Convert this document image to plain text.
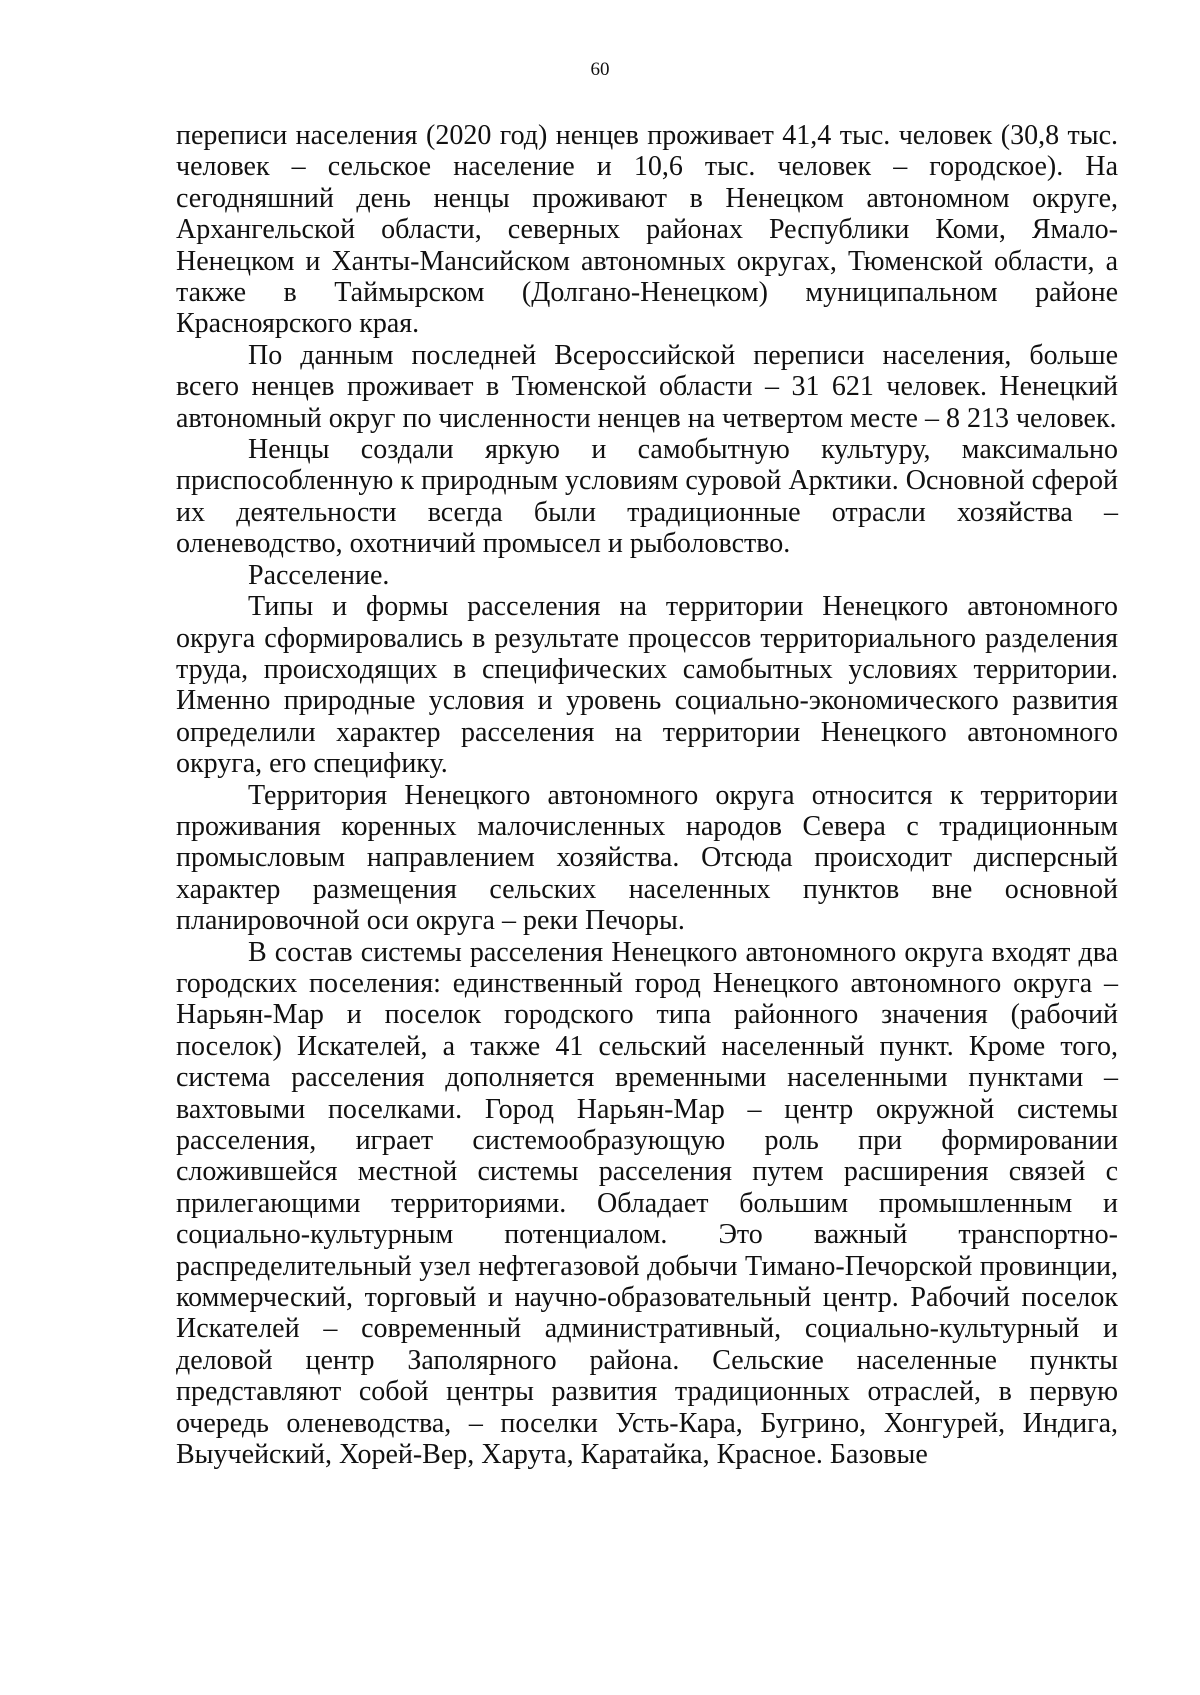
60

переписи населения (2020 год) ненцев проживает 41,4 тыс. человек (30,8 тыс. человек – сельское население и 10,6 тыс. человек – городское). На сегодняшний день ненцы проживают в Ненецком автономном округе, Архангельской области, северных районах Республики Коми, Ямало-Ненецком и Ханты-Мансийском автономных округах, Тюменской области, а также в Таймырском (Долгано-Ненецком) муниципальном районе Красноярского края.

По данным последней Всероссийской переписи населения, больше всего ненцев проживает в Тюменской области – 31 621 человек. Ненецкий автономный округ по численности ненцев на четвертом месте – 8 213 человек.

Ненцы создали яркую и самобытную культуру, максимально приспособленную к природным условиям суровой Арктики. Основной сферой их деятельности всегда были традиционные отрасли хозяйства – оленеводство, охотничий промысел и рыболовство.

Расселение.

Типы и формы расселения на территории Ненецкого автономного округа сформировались в результате процессов территориального разделения труда, происходящих в специфических самобытных условиях территории. Именно природные условия и уровень социально-экономического развития определили характер расселения на территории Ненецкого автономного округа, его специфику.

Территория Ненецкого автономного округа относится к территории проживания коренных малочисленных народов Севера с традиционным промысловым направлением хозяйства. Отсюда происходит дисперсный характер размещения сельских населенных пунктов вне основной планировочной оси округа – реки Печоры.

В состав системы расселения Ненецкого автономного округа входят два городских поселения: единственный город Ненецкого автономного округа – Нарьян-Мар и поселок городского типа районного значения (рабочий поселок) Искателей, а также 41 сельский населенный пункт. Кроме того, система расселения дополняется временными населенными пунктами – вахтовыми поселками. Город Нарьян-Мар – центр окружной системы расселения, играет системообразующую роль при формировании сложившейся местной системы расселения путем расширения связей с прилегающими территориями. Обладает большим промышленным и социально-культурным потенциалом. Это важный транспортно-распределительный узел нефтегазовой добычи Тимано-Печорской провинции, коммерческий, торговый и научно-образовательный центр. Рабочий поселок Искателей – современный административный, социально-культурный и деловой центр Заполярного района. Сельские населенные пункты представляют собой центры развития традиционных отраслей, в первую очередь оленеводства, – поселки Усть-Кара, Бугрино, Хонгурей, Индига, Выучейский, Хорей-Вер, Харута, Каратайка, Красное. Базовые
